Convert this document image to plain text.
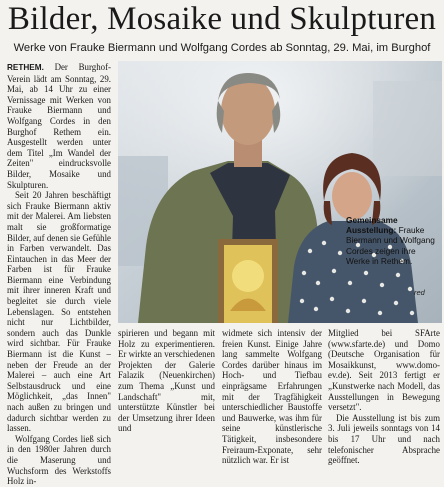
Bilder, Mosaike und Skulpturen
Werke von Frauke Biermann und Wolfgang Cordes ab Sonntag, 29. Mai, im Burghof

RETHEM. Der Burghof-Verein lädt am Sonntag, 29. Mai, ab 14 Uhr zu einer Vernissage mit Werken von Frauke Biermann und Wolfgang Cordes in den Burghof Rethem ein. Ausgestellt werden unter dem Titel „Im Wandel der Zeiten" eindrucksvolle Bilder, Mosaike und Skulpturen.

Seit 20 Jahren beschäftigt sich Frauke Biermann aktiv mit der Malerei. Am liebsten malt sie großformatige Bilder, auf denen sie Gefühle in Farben verwandelt. Das Eintauchen in das Meer der Farben ist für Frauke Biermann eine Verbindung mit ihrer inneren Kraft und begleitet sie durch viele Lebenslagen. So entstehen nicht nur Lichtbilder, sondern auch das Dunkle wird sichtbar. Für Frauke Biermann ist die Kunst – neben der Freude an der Malerei – auch eine Art Selbstausdruck und eine Möglichkeit, „das Innen" nach außen zu bringen und dadurch sichtbar werden zu lassen.

Wolfgang Cordes ließ sich in den 1980er Jahren durch die Maserung und Wuchsform des Werkstoffs Holz in-

Gemeinsame Ausstellung: Frauke Biermann und Wolfgang Cordes zeigen ihre Werke in Rethem.
red

spirieren und begann mit Holz zu experimentieren. Er wirkte an verschiedenen Projekten der Galerie Falazik (Neuenkirchen) zum Thema „Kunst und Landschaft" mit, unterstützte Künstler bei der Umsetzung ihrer Ideen und

widmete sich intensiv der freien Kunst. Einige Jahre lang sammelte Wolfgang Cordes darüber hinaus im Hoch- und Tiefbau einprägsame Erfahrungen mit der Tragfähigkeit unterschiedlicher Baustoffe und Bauwerke, was ihm für seine künstlerische Tätigkeit, insbesondere Freiraum-Exponate, sehr nützlich war. Er ist

Mitglied bei SFArte (www.sfarte.de) und Domo (Deutsche Organisation für Mosaikkunst, www.domo-ev.de). Seit 2013 fertigt er „Kunstwerke nach Modell, das Ausstellungen in Bewegung versetzt".

Die Ausstellung ist bis zum 3. Juli jeweils sonntags von 14 bis 17 Uhr und nach telefonischer Absprache geöffnet.
